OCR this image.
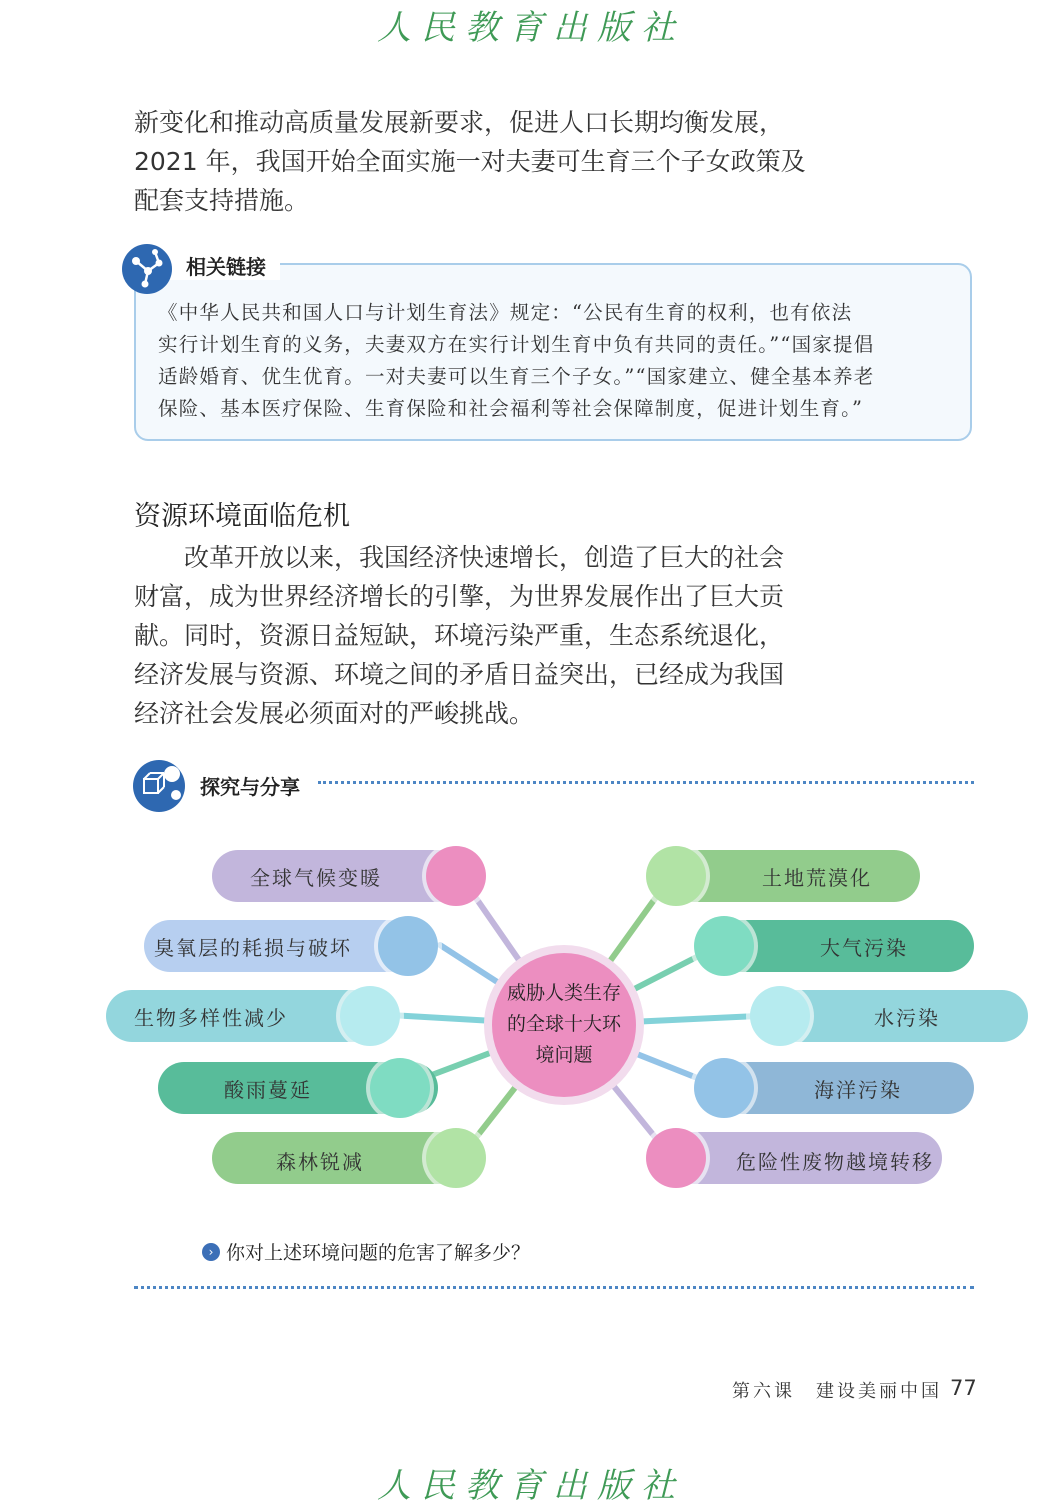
人民教育出版社
新变化和推动高质量发展新要求，促进人口长期均衡发展，
2021 年，我国开始全面实施一对夫妻可生育三个子女政策及
配套支持措施。
相关链接
《中华人民共和国人口与计划生育法》规定：“公民有生育的权利，也有依法
实行计划生育的义务，夫妻双方在实行计划生育中负有共同的责任。”“国家提倡
适龄婚育、优生优育。一对夫妻可以生育三个子女。”“国家建立、健全基本养老
保险、基本医疗保险、生育保险和社会福利等社会保障制度，促进计划生育。”
资源环境面临危机
改革开放以来，我国经济快速增长，创造了巨大的社会
财富，成为世界经济增长的引擎，为世界发展作出了巨大贡
献。同时，资源日益短缺，环境污染严重，生态系统退化，
经济发展与资源、环境之间的矛盾日益突出，已经成为我国
经济社会发展必须面对的严峻挑战。
探究与分享
威胁人类生存
的全球十大环
境问题
全球气候变暖
臭氧层的耗损与破坏
生物多样性减少
酸雨蔓延
森林锐减
土地荒漠化
大气污染
水污染
海洋污染
危险性废物越境转移
› 你对上述环境问题的危害了解多少？
第六课　建设美丽中国 77
人民教育出版社
